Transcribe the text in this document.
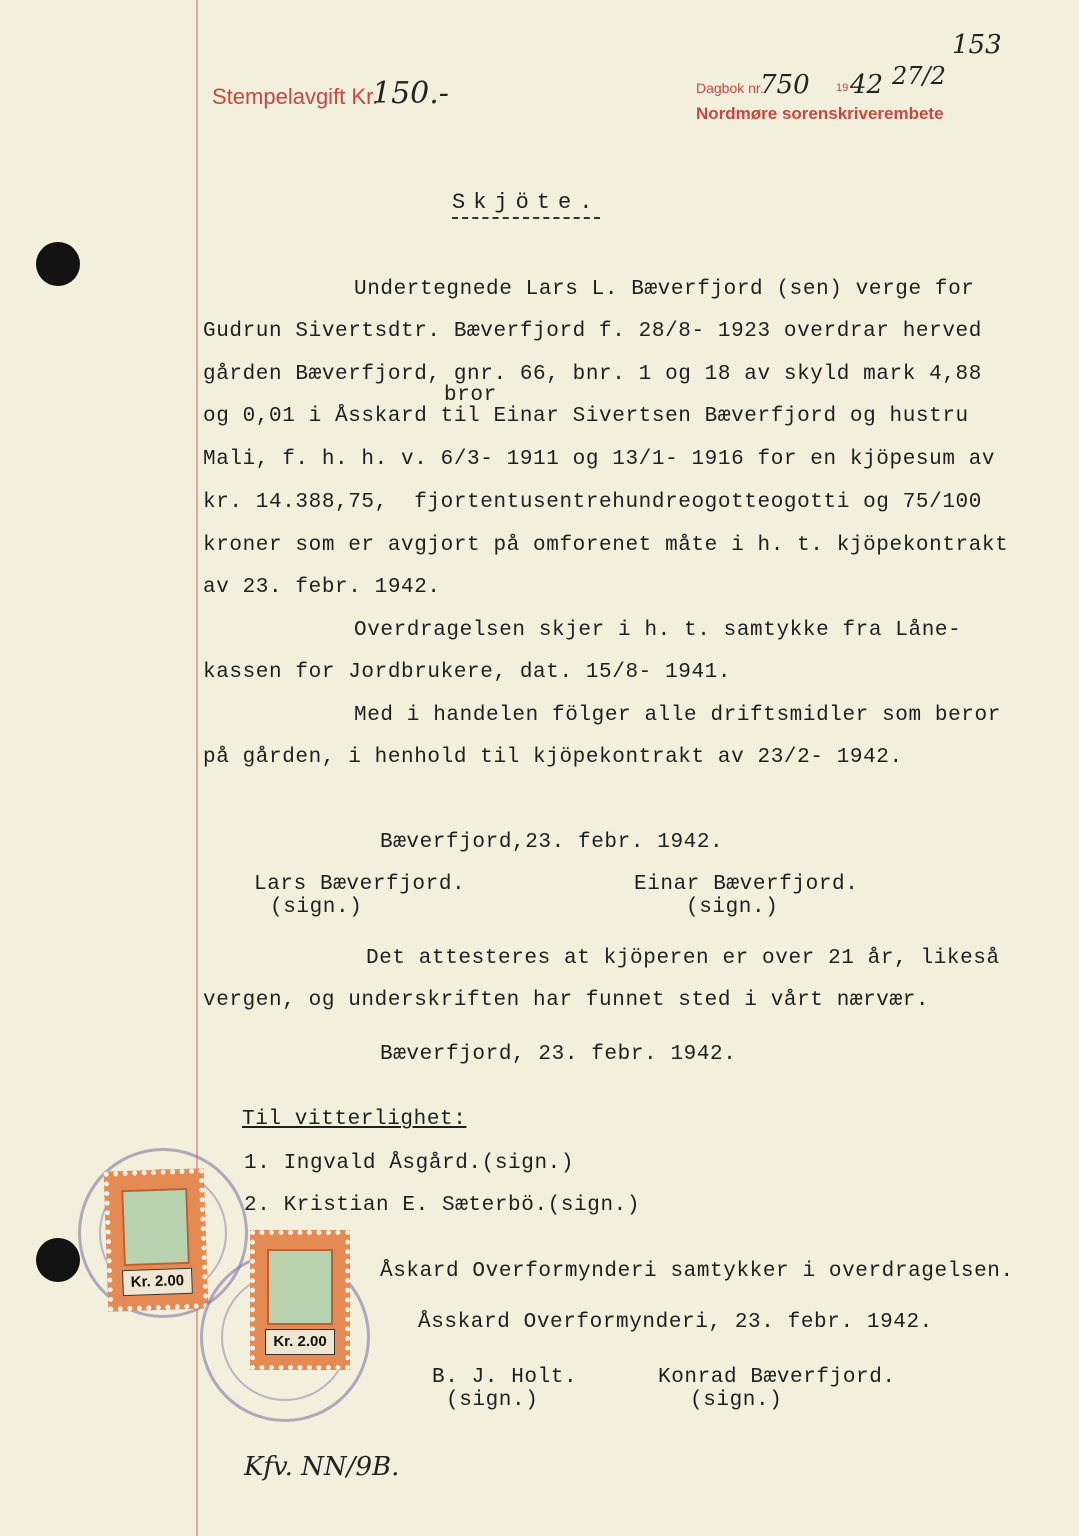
Stempelavgift Kr.
150.-	Dagbok nr.
750 19 42 27/2
Nordmøre sorenskriverembete
153
Skjöte.
Undertegnede Lars L. Bæverfjord (sen) verge for
Gudrun Sivertsdtr. Bæverfjord f. 28/8- 1923 overdrar herved
gården Bæverfjord, gnr. 66, bnr. 1 og 18 av skyld mark 4,88
bror
og 0,01 i Åsskard til Einar Sivertsen Bæverfjord og hustru
Mali, f. h. h. v. 6/3- 1911 og 13/1- 1916 for en kjöpesum av
kr. 14.388,75,  fjortentusentrehundreogotteogotti og 75/100
kroner som er avgjort på omforenet måte i h. t. kjöpekontrakt
av 23. febr. 1942.
Overdragelsen skjer i h. t. samtykke fra Låne-
kassen for Jordbrukere, dat. 15/8- 1941.
Med i handelen fölger alle driftsmidler som beror
på gården, i henhold til kjöpekontrakt av 23/2- 1942.
Bæverfjord,23. febr. 1942.
Lars Bæverfjord.
(sign.)
Einar Bæverfjord.
(sign.)
Det attesteres at kjöperen er over 21 år, likeså
vergen, og underskriften har funnet sted i vårt nærvær.
Bæverfjord, 23. febr. 1942.
Til vitterlighet:
1. Ingvald Åsgård.(sign.)
2. Kristian E. Sæterbö.(sign.)
Åskard Overformynderi samtykker i overdragelsen.
Åsskard Overformynderi, 23. febr. 1942.
B. J. Holt.
(sign.)
Konrad Bæverfjord.
(sign.)
Kr. 2.00
Kr. 2.00
Kfv. NN/9B.
